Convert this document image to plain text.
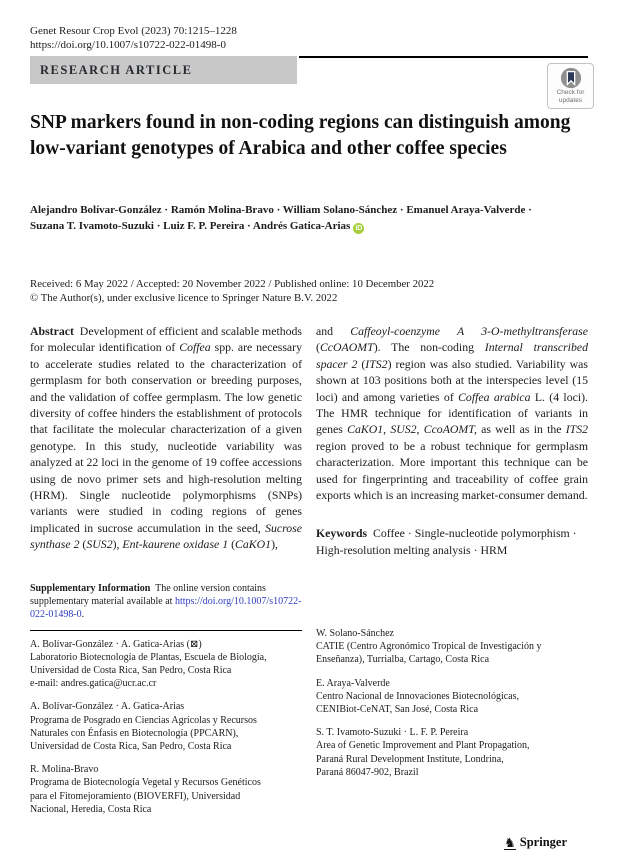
Genet Resour Crop Evol (2023) 70:1215–1228
https://doi.org/10.1007/s10722-022-01498-0
RESEARCH ARTICLE
Check for
updates
SNP markers found in non-coding regions can distinguish among low-variant genotypes of Arabica and other coffee species
Alejandro Bolívar-González · Ramón Molina-Bravo · William Solano-Sánchez · Emanuel Araya-Valverde ·
Suzana T. Ivamoto-Suzuki · Luiz F. P. Pereira · Andrés Gatica-Arias iD
Received: 6 May 2022 / Accepted: 20 November 2022 / Published online: 10 December 2022
© The Author(s), under exclusive licence to Springer Nature B.V. 2022

Abstract  Development of efficient and scalable methods for molecular identification of Coffea spp. are necessary to accelerate studies related to the characterization of germplasm for both conservation or breeding purposes, and the validation of coffee germplasm. The low genetic diversity of coffee hinders the establishment of protocols that facilitate the molecular characterization of a given genotype. In this study, nucleotide variability was analyzed at 22 loci in the genome of 19 coffee accessions using de novo primer sets and high-resolution melting (HRM). Single nucleotide polymorphisms (SNPs) variants were studied in coding regions of genes implicated in sucrose accumulation in the seed, Sucrose synthase 2 (SUS2), Ent-kaurene oxidase 1 (CaKO1),

and Caffeoyl-coenzyme A 3-O-methyltransferase (CcOAOMT). The non-coding Internal transcribed spacer 2 (ITS2) region was also studied. Variability was shown at 103 positions both at the interspecies level (15 loci) and among varieties of Coffea arabica L. (4 loci). The HMR technique for identification of variants in genes CaKO1, SUS2, CcoAOMT, as well as in the ITS2 region proved to be a robust technique for germplasm characterization. More important this technique can be used for fingerprinting and traceability of coffee grain exports which is an increasing market-consumer demand.

Keywords  Coffee · Single-nucleotide polymorphism · High-resolution melting analysis · HRM

Supplementary Information  The online version contains supplementary material available at https://doi.org/10.1007/s10722-022-01498-0.

A. Bolívar-González · A. Gatica-Arias (⊠)
Laboratorio Biotecnología de Plantas, Escuela de Biología,
Universidad de Costa Rica, San Pedro, Costa Rica
e-mail: andres.gatica@ucr.ac.cr
A. Bolívar-González · A. Gatica-Arias
Programa de Posgrado en Ciencias Agrícolas y Recursos
Naturales con Énfasis en Biotecnología (PPCARN),
Universidad de Costa Rica, San Pedro, Costa Rica
R. Molina-Bravo
Programa de Biotecnología Vegetal y Recursos Genéticos
para el Fitomejoramiento (BIOVERFI), Universidad
Nacional, Heredia, Costa Rica
W. Solano-Sánchez
CATIE (Centro Agronómico Tropical de Investigación y
Enseñanza), Turrialba, Cartago, Costa Rica
E. Araya-Valverde
Centro Nacional de Innovaciones Biotecnológicas,
CENIBiot-CeNAT, San José, Costa Rica
S. T. Ivamoto-Suzuki · L. F. P. Pereira
Area of Genetic Improvement and Plant Propagation,
Paraná Rural Development Institute, Londrina,
Paraná 86047-902, Brazil
♞ Springer
